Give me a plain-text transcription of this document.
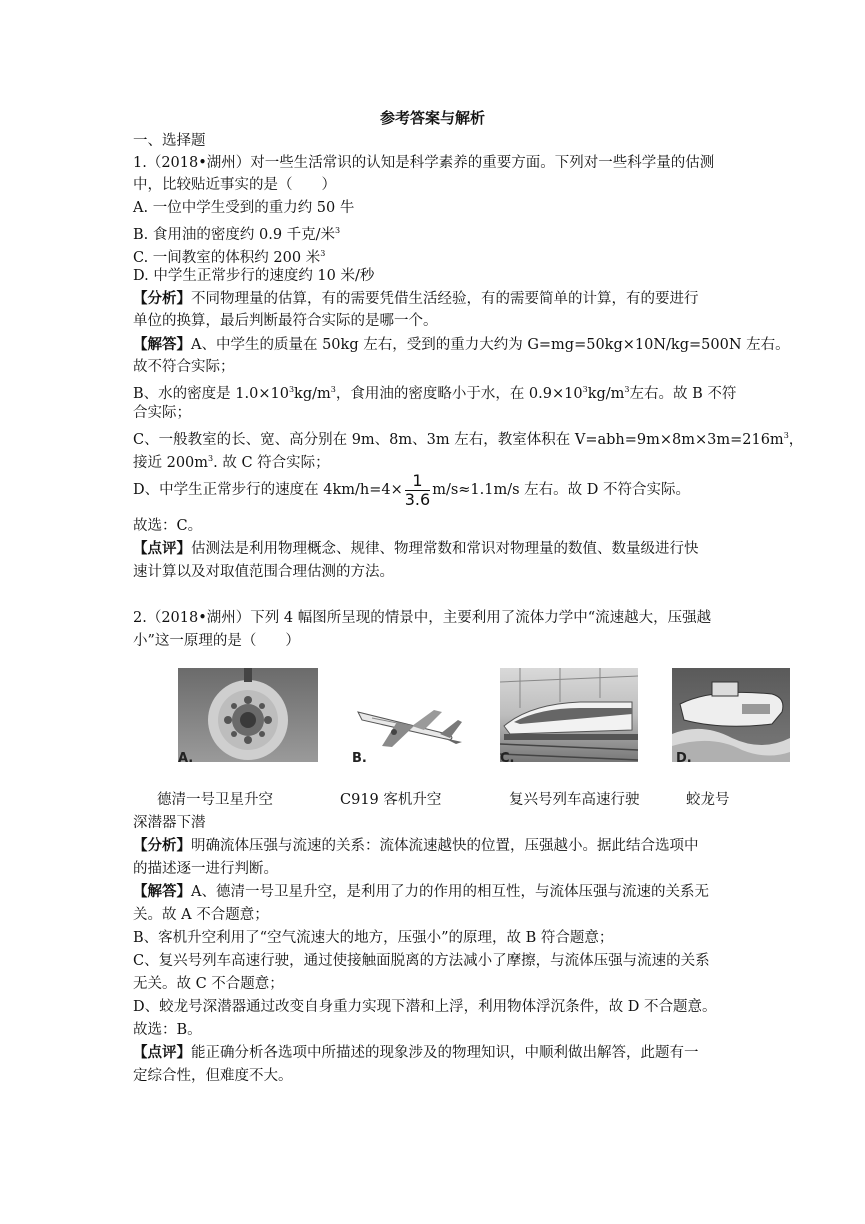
参考答案与解析
一、选择题
1.（2018•湖州）对一些生活常识的认知是科学素养的重要方面。下列对一些科学量的估测
中，比较贴近事实的是（　　）
A. 一位中学生受到的重力约 50 牛
B. 食用油的密度约 0.9 千克/米$^3$
C. 一间教室的体积约 200 米$^3$
D. 中学生正常步行的速度约 10 米/秒
【分析】不同物理量的估算，有的需要凭借生活经验，有的需要简单的计算，有的要进行
单位的换算，最后判断最符合实际的是哪一个。
【解答】A、中学生的质量在 50kg 左右，受到的重力大约为 G=mg=50kg×10N/kg=500N 左右。
故不符合实际；
B、水的密度是 $1.0\times 10^3kg/m^3$，食用油的密度略小于水，在 $0.9\times 10^3kg/m^3$左右。故 B 不符
合实际；
C、一般教室的长、宽、高分别在 9m、8m、3m 左右，教室体积在 $V=abh=9m\times 8m\times 3m=216m^3$，
接近 $200m^3$. 故 C 符合实际；
D、中学生正常步行的速度在 $4km/h=4\times \frac{1}{3.6} m/s\approx 1.1m/s$ 左右。故 D 不符合实际。
故选：C。
【点评】估测法是利用物理概念、规律、物理常数和常识对物理量的数值、数量级进行快
速计算以及对取值范围合理估测的方法。
2.（2018•湖州）下列 4 幅图所呈现的情景中，主要利用了流体力学中“流速越大，压强越
小”这一原理的是（　　）
A.	B.	C.	D.
德清一号卫星升空	C919 客机升空	复兴号列车高速行驶	蛟龙号
深潜器下潜
【分析】明确流体压强与流速的关系：流体流速越快的位置，压强越小。据此结合选项中
的描述逐一进行判断。
【解答】A、德清一号卫星升空，是利用了力的作用的相互性，与流体压强与流速的关系无
关。故 A 不合题意；
B、客机升空利用了“空气流速大的地方，压强小”的原理，故 B 符合题意；
C、复兴号列车高速行驶，通过使接触面脱离的方法减小了摩擦，与流体压强与流速的关系
无关。故 C 不合题意；
D、蛟龙号深潜器通过改变自身重力实现下潜和上浮，利用物体浮沉条件，故 D 不合题意。
故选：B。
【点评】能正确分析各选项中所描述的现象涉及的物理知识，中顺利做出解答，此题有一
定综合性，但难度不大。
